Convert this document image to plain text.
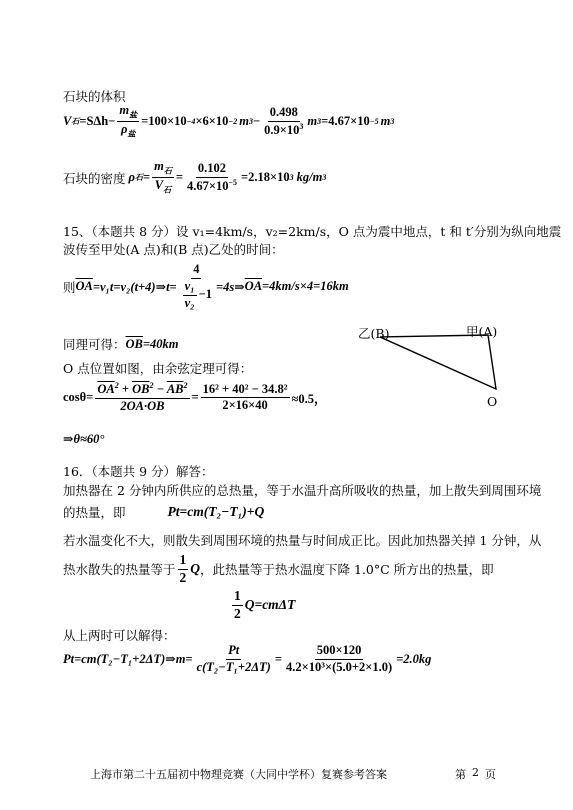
石块的体积
V 石 $=S\Delta h- \frac{m_盐}{\rho_盐} =100\times 10 -4 \times 6\times 10 -2$ m $3 - \frac{0.498}{0.9\times 10^3}$ m 3 =4.67×10 −5 m 3
石块的密度 ρ 石 = $\frac{m_石}{V_石} = \frac{0.102}{4.67\times 10^{-5}} =2.18\times 10$ 3 kg/m 3
15、（本题共 8 分）设 v₁=4km/s，v₂=2km/s，O 点为震中地点，t 和 t′分别为纵向地震
波传至甲处(A 点)和(B 点)乙处的时间：
则 $\overline{OA}$ =v₁t=v₂(t+4)⇒t= $\frac{4}{\frac{\text{v₁}}{\text{v₂}} -1}$ =4s⇒ $\overline{OA} =4km/s\times 4=16km$
同理可得： $\overline{OB}=40km$
O 点位置如图，由余弦定理可得：
$\cos\theta= \frac{\overline{OA}^2 + \overline{OB}^2 - \overline{AB}^2}{2OA\cdot OB} = \frac{\text{16² + 40² − 34.8²}}{2\times 16\times 40} \approx 0.5$，
⇒θ≈60°
乙(B)	甲(A)
O
16．（本题共 9 分）解答：
加热器在 2 分钟内所供应的总热量，等于水温升高所吸收的热量，加上散失到周围环境
的热量，即	Pt=cm(T₂−T₁)+Q
若水温变化不大，则散失到周围环境的热量与时间成正比。因此加热器关掉 1 分钟，从
热水散失的热量等于 $\frac{1}{2}$ Q ，此热量等于热水温度下降 1.0°C 所方出的热量，即
$\frac{1}{2} Q=cm\Delta T$
从上两时可以解得：
Pt=cm(T₂−T₁+2ΔT)⇒m= $\frac{Pt}{\text{c(T₂−T₁+2ΔT)}} = \frac{500\times 120}{\text{4.2×10³×(5.0+2×1.0)}} =2.0kg$
上海市第二十五届初中物理竞赛（大同中学杯）复赛参考答案	第 2 页
